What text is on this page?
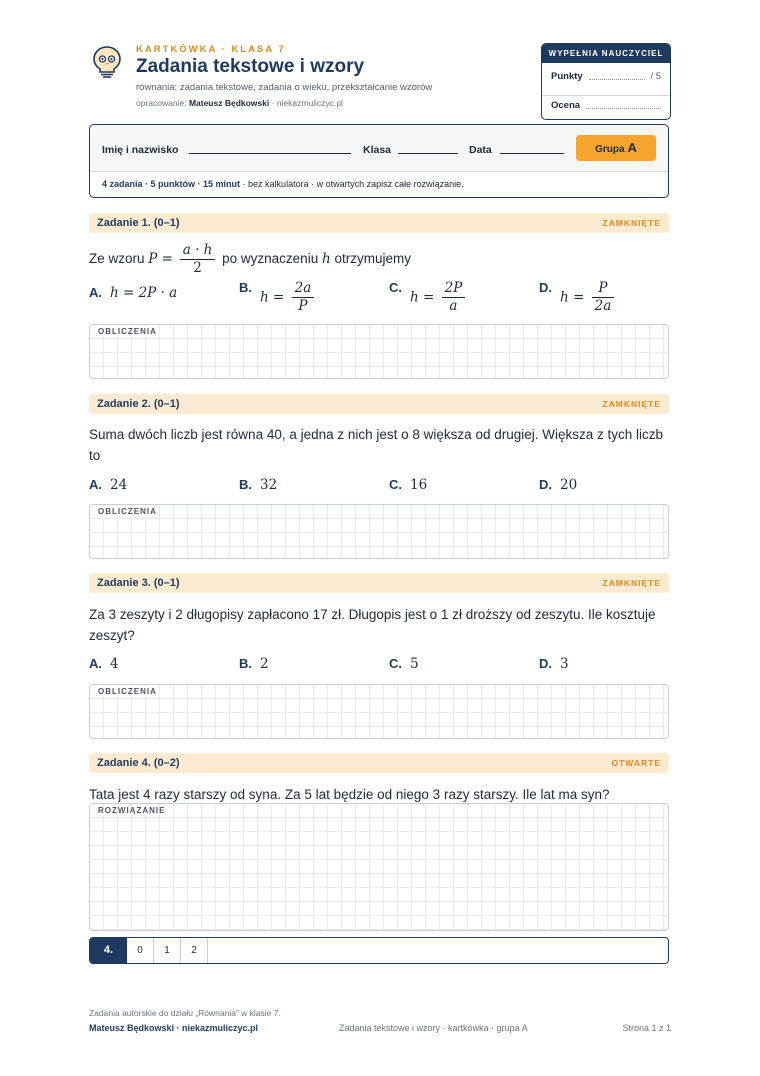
KARTKÓWKA · KLASA 7
Zadania tekstowe i wzory
równania: zadania tekstowe, zadania o wieku, przekształcanie wzorów
opracowanie: Mateusz Będkowski · niekazmuliczyc.pl
WYPEŁNIA NAUCZYCIEL
Punkty	/ 5
Ocena
Imię i nazwisko	Klasa	Data	Grupa A
4 zadania · 5 punktów · 15 minut · bez kalkulatora · w otwartych zapisz całe rozwiązanie.
Zadanie 1. (0–1)	ZAMKNIĘTE
Ze wzoru $P = \frac{a \cdot h}{2}$ po wyznaczeniu h otrzymujemy
A. h = 2P · a	$B.h = \frac{2a}{P}$	$C.h = \frac{2P}{a}$	$D.h = \frac{P}{2a}$
OBLICZENIA
Zadanie 2. (0–1)	ZAMKNIĘTE
Suma dwóch liczb jest równa 40, a jedna z nich jest o 8 większa od drugiej. Większa z tych liczb to
A. 24	B. 32	C. 16	D. 20
OBLICZENIA
Zadanie 3. (0–1)	ZAMKNIĘTE
Za 3 zeszyty i 2 długopisy zapłacono 17 zł. Długopis jest o 1 zł droższy od zeszytu. Ile kosztuje zeszyt?
A. 4	B. 2	C. 5	D. 3
OBLICZENIA
Zadanie 4. (0–2)	OTWARTE
Tata jest 4 razy starszy od syna. Za 5 lat będzie od niego 3 razy starszy. Ile lat ma syn?
ROZWIĄZANIE
4.	0	1	2
Zadania autorskie do działu „Równania” w klasie 7.
Mateusz Będkowski · niekazmuliczyc.pl	Zadania tekstowe i wzory · kartkówka · grupa A	Strona 1 z 1
